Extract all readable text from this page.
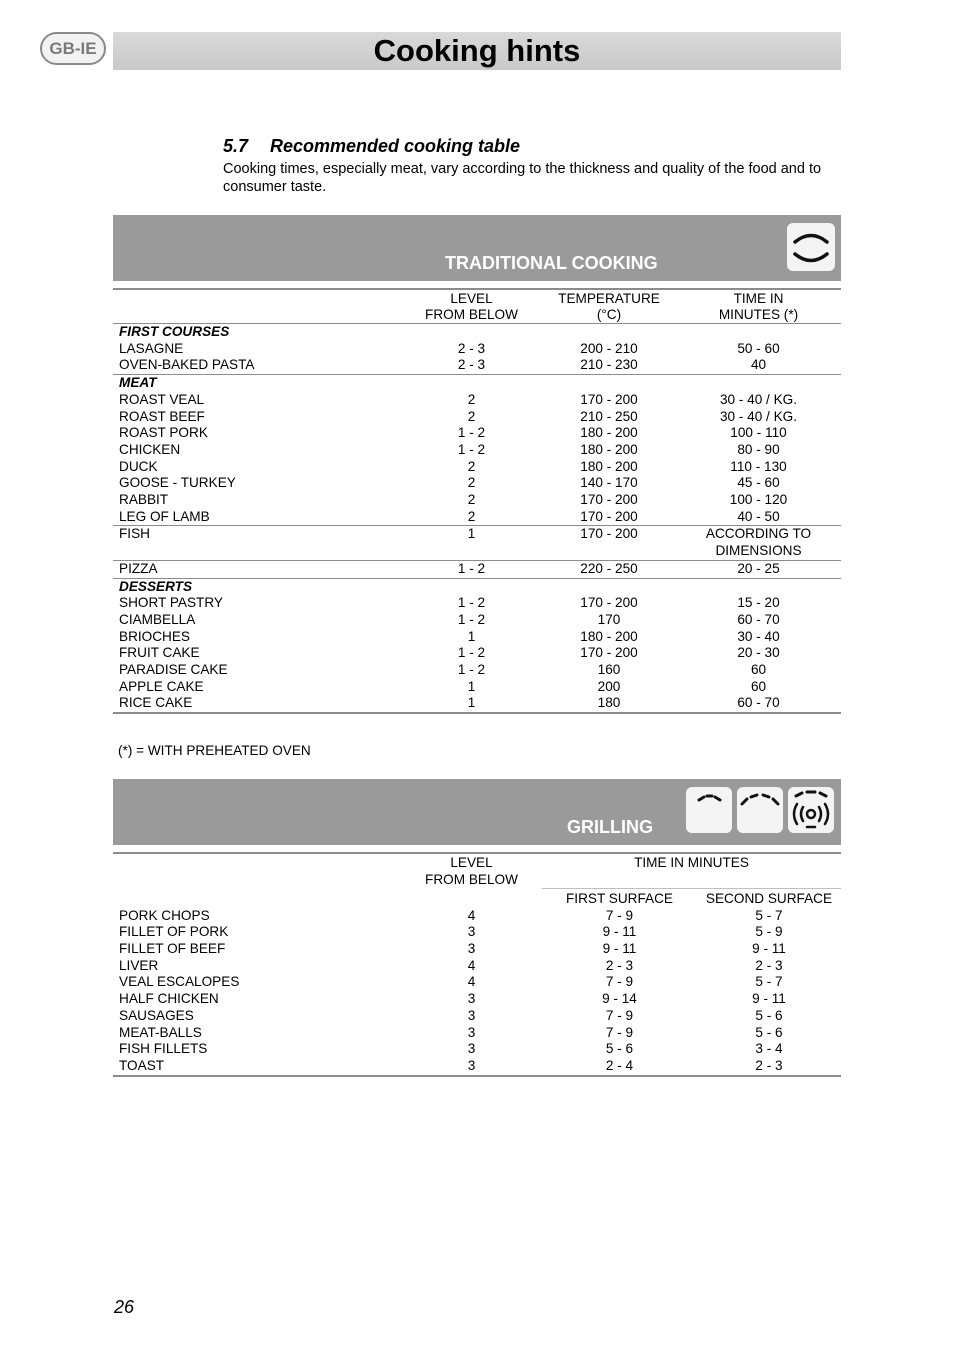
GB-IE	Cooking hints
5.7 Recommended cooking table
Cooking times, especially meat, vary according to the thickness and quality of the food and to consumer taste.
TRADITIONAL COOKING
	LEVEL	TEMPERATURE	TIME IN
	FROM BELOW	(°C)	MINUTES (*)
FIRST COURSES			
LASAGNE	2 - 3	200 - 210	50 - 60
OVEN-BAKED PASTA	2 - 3	210 - 230	40
MEAT			
ROAST VEAL	2	170 - 200	30 - 40 / KG.
ROAST BEEF	2	210 - 250	30 - 40 / KG.
ROAST PORK	1 - 2	180 - 200	100 - 110
CHICKEN	1 - 2	180 - 200	80 - 90
DUCK	2	180 - 200	110 - 130
GOOSE - TURKEY	2	140 - 170	45 - 60
RABBIT	2	170 - 200	100 - 120
LEG OF LAMB	2	170 - 200	40 - 50
FISH	1	170 - 200	ACCORDING TO
			DIMENSIONS
PIZZA	1 - 2	220 - 250	20 - 25
DESSERTS			
SHORT PASTRY	1 - 2	170 - 200	15 - 20
CIAMBELLA	1 - 2	170	60 - 70
BRIOCHES	1	180 - 200	30 - 40
FRUIT CAKE	1 - 2	170 - 200	20 - 30
PARADISE CAKE	1 - 2	160	60
APPLE CAKE	1	200	60
RICE CAKE	1	180	60 - 70
(*) = WITH PREHEATED OVEN
GRILLING
	LEVEL	TIME IN MINUTES	
	FROM BELOW		
		FIRST SURFACE	SECOND SURFACE
PORK CHOPS	4	7 - 9	5 - 7
FILLET OF PORK	3	9 - 11	5 - 9
FILLET OF BEEF	3	9 - 11	9 - 11
LIVER	4	2 - 3	2 - 3
VEAL ESCALOPES	4	7 - 9	5 - 7
HALF CHICKEN	3	9 - 14	9 - 11
SAUSAGES	3	7 - 9	5 - 6
MEAT-BALLS	3	7 - 9	5 - 6
FISH FILLETS	3	5 - 6	3 - 4
TOAST	3	2 - 4	2 - 3
26
